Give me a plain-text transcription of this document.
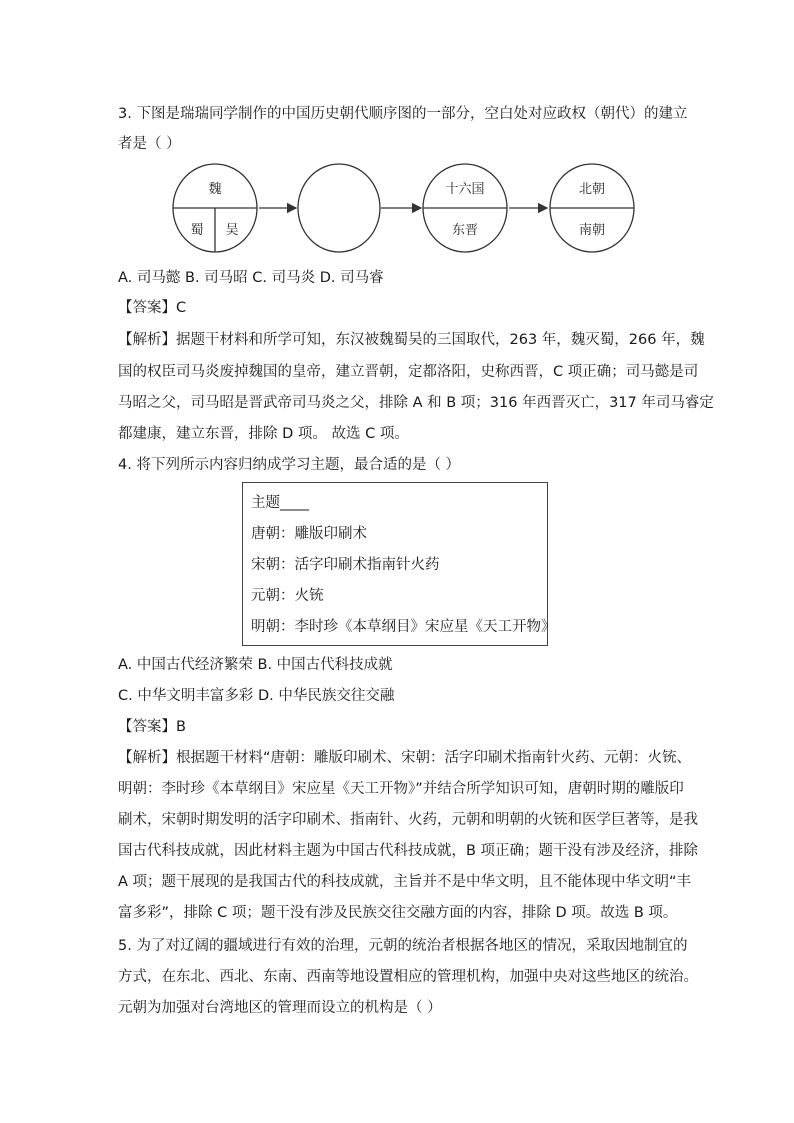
3. 下图是瑞瑞同学制作的中国历史朝代顺序图的一部分，空白处对应政权（朝代）的建立
者是（ ）
魏
蜀 吴
十六国
东晋
北朝
南朝
A. 司马懿 B. 司马昭 C. 司马炎 D. 司马睿
【答案】C
【解析】据题干材料和所学可知，东汉被魏蜀吴的三国取代，263 年，魏灭蜀，266 年，魏
国的权臣司马炎废掉魏国的皇帝，建立晋朝，定都洛阳，史称西晋，C 项正确；司马懿是司
马昭之父，司马昭是晋武帝司马炎之父，排除 A 和 B 项；316 年西晋灭亡，317 年司马睿定
都建康，建立东晋，排除 D 项。 故选 C 项。
4. 将下列所示内容归纳成学习主题，最合适的是（ ）
主题____
唐朝：雕版印刷术
宋朝：活字印刷术指南针火药
元朝：火铳
明朝：李时珍《本草纲目》宋应星《天工开物》
A. 中国古代经济繁荣 B. 中国古代科技成就
C. 中华文明丰富多彩 D. 中华民族交往交融
【答案】B
【解析】根据题干材料“唐朝：雕版印刷术、宋朝：活字印刷术指南针火药、元朝：火铳、
明朝：李时珍《本草纲目》宋应星《天工开物》”并结合所学知识可知，唐朝时期的雕版印
刷术，宋朝时期发明的活字印刷术、指南针、火药，元朝和明朝的火铳和医学巨著等，是我
国古代科技成就，因此材料主题为中国古代科技成就，B 项正确；题干没有涉及经济，排除
A 项；题干展现的是我国古代的科技成就，主旨并不是中华文明，且不能体现中华文明“丰
富多彩”，排除 C 项；题干没有涉及民族交往交融方面的内容，排除 D 项。故选 B 项。
5. 为了对辽阔的疆域进行有效的治理，元朝的统治者根据各地区的情况，采取因地制宜的
方式，在东北、西北、东南、西南等地设置相应的管理机构，加强中央对这些地区的统治。
元朝为加强对台湾地区的管理而设立的机构是（ ）
